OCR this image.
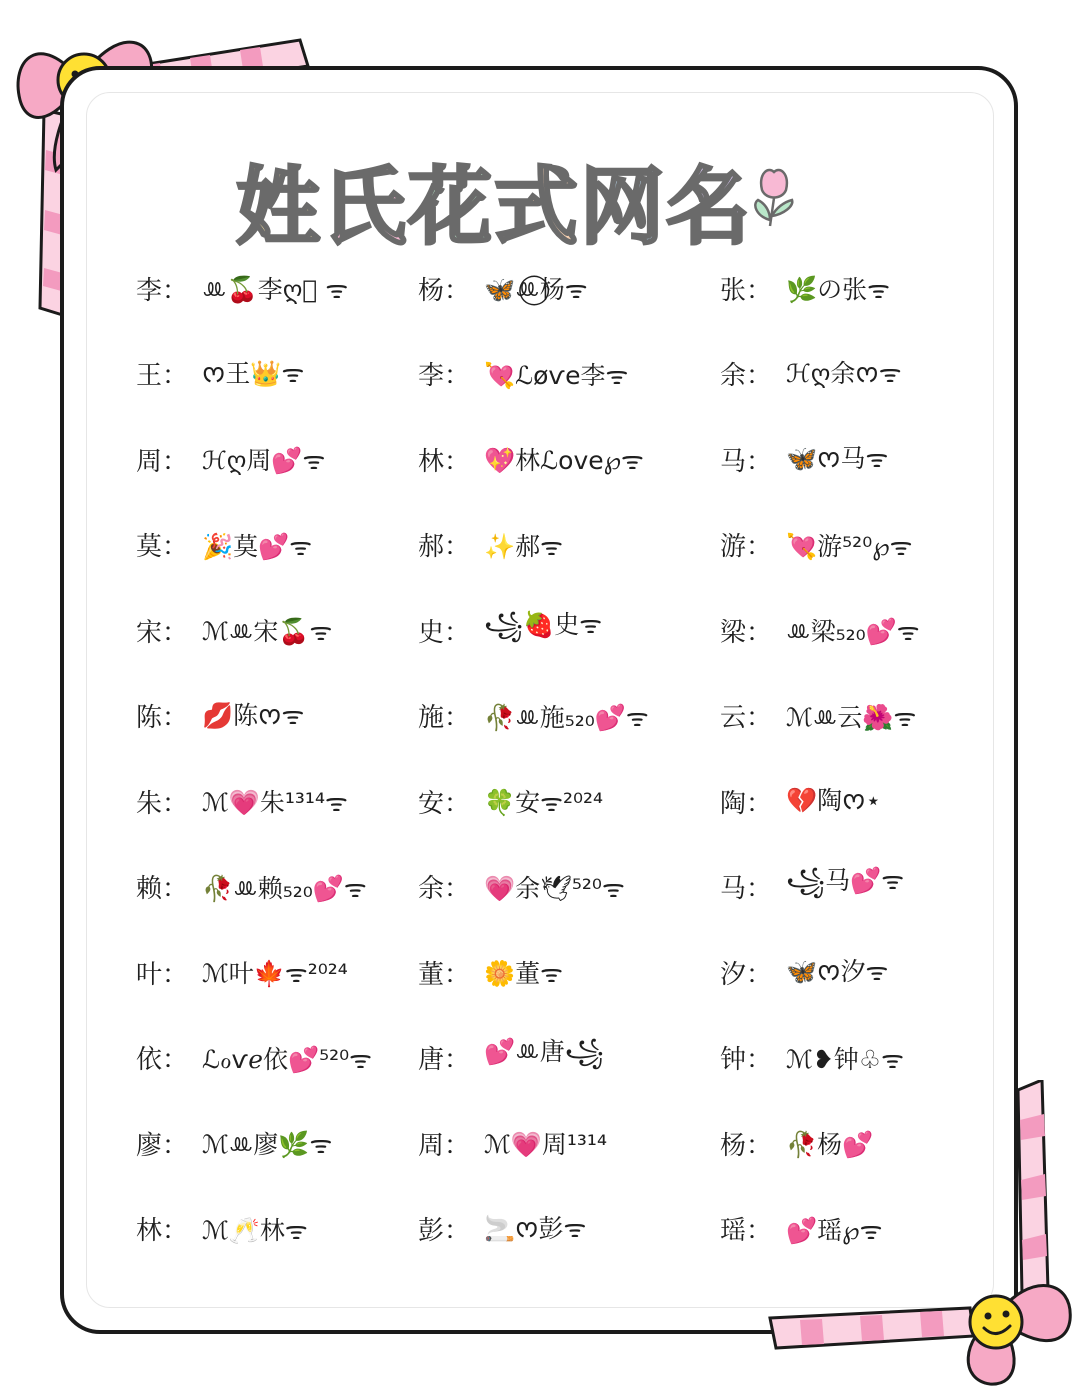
姓氏花式网名
李： ꔛ🍒李ღ⃝ ᯤ	杨： 🦋ꔛ⃝杨ᯤ	张： 🌿の张ᯤ
王： ᰔ王👑ᯤ	李： 💘ℒøѵe李ᯤ	余： ℋღ余ᰔᯤ
周： ℋღ周💕ᯤ	林： 💖林ℒove℘ᯤ	马： 🦋ᰔ马ᯤ
莫： 🎉莫💕ᯤ	郝： ✨郝ᯤ	游： 💘游⁵²⁰℘ᯤ
宋： ℳꔛ宋🍒ᯤ	史： ꧁🍓史ᯤ	梁： ꔛ梁₅₂₀💕ᯤ
陈： 💋陈ᰔᯤ	施： 🥀ꔛ施₅₂₀💕ᯤ	云： ℳꔛ云🌺ᯤ
朱： ℳ💗朱¹³¹⁴ᯤ	安： 🍀安ᯤ²⁰²⁴	陶： 💔陶ᰔ⋆
赖： 🥀ꔛ赖₅₂₀💕ᯤ 余： 💗余🕊⁵²⁰ᯤ	马： ꧁马💕ᯤ
叶： ℳ叶🍁ᯤ²⁰²⁴	董： 🌼董ᯤ	汐： 🦋ᰔ汐ᯤ
依： ℒℴѵℯ依💕⁵²⁰ᯤ 唐： 💕ꔛ唐꧁	钟： ℳ❥钟♧ᯤ
廖： ℳꔛ廖🌿ᯤ	周： ℳ💗周¹³¹⁴	杨： 🥀杨💕
林： ℳ🥂林ᯤ	彭： 🚬ᰔ彭ᯤ	瑶： 💕瑶℘ᯤ
